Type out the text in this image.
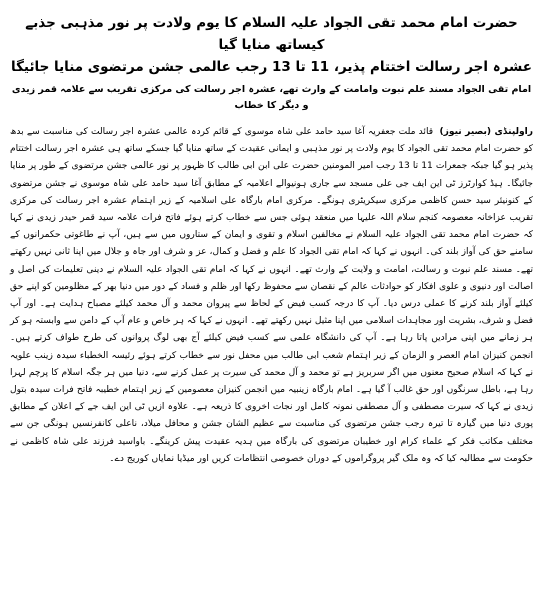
حضرت امام محمد تقی الجواد علیہ السلام کا یوم ولادت پر نور مذہبی جذبے کیساتھ منایا گیا
عشرہ اجر رسالت اختتام پذیر، 11 تا 13 رجب عالمی جشن مرتضوی منایا جائیگا
امام تقی الجواد مسند علم نبوت وامامت کے وارث تھے، عشرہ اجر رسالت کی مرکزی تقریب سے علامہ قمر زیدی و دیگر کا خطاب

راولپنڈی (بصیر نیوز)  قائد ملت جعفریہ آغا سید حامد علی شاہ موسوی کے قائم کردہ عالمی عشرہ اجر رسالت کی مناسبت سے بدھ کو حضرت امام محمد تقی الجواد کا یوم ولادت پر نور مذہبی و ایمانی عقیدت کے ساتھ منایا گیا جسکے ساتھ ہی عشرہ اجر رسالت اختتام پذیر ہو گیا جبکہ جمعرات 11 تا 13 رجب امیر المومنین حضرت علی ابن ابی طالب کا ظہور پر نور عالمی جشن مرتضوی کے طور پر منایا جائیگا۔ ہیڈ کوارٹرز ٹی این ایف جی علی مسجد سے جاری ہونیوالے اعلامیہ کے مطابق آغا سید حامد علی شاہ موسوی نے جشن مرتضوی کے کنونیئر سید حسن کاظمی مرکزی سیکریٹری ہونگے۔ مرکزی امام بارگاہ علی اسلامیہ کے زیر اہتمام عشرہ اجر رسالت کی مرکزی تقریب عزاخانہ معصومہ کنجم سلام اللہ علیہا میں منعقد ہوئی جس سے خطاب کرتے ہوئے فاتح فرات علامہ سید قمر حیدر زیدی نے کہا کہ حضرت امام محمد تقی الجواد علیہ السلام نے مخالفین اسلام و تقوی و ایمان کے ستاروں میں سے ہیں، آپ نے طاغوتی حکمرانوں کے سامنے حق کی آواز بلند کی۔ انہوں نے کہا کہ امام تقی الجواد کا علم و فضل و کمال، عز و شرف اور جاہ و جلال میں اپنا ثانی نہیں رکھتے تھے۔ مسند علم نبوت و رسالت، امامت و ولایت کے وارث تھے۔ انہوں نے کہا کہ امام تقی الجواد علیہ السلام نے دینی تعلیمات کی اصل و اصالت اور دنیوی و علوی افکار کو حوادثات عالم کے نقصان سے محفوظ رکھا اور ظلم و فساد کے دور میں دنیا بھر کے مظلومین کو اپنے حق کیلئے آواز بلند کرنے کا عملی درس دیا۔ آپ کا درجہ کسب فیض کے لحاظ سے پیروان محمد و آل محمد کیلئے مصباح ہدایت ہے۔ اور آپ فضل و شرف، بشریت اور مجاہدات اسلامی میں اپنا مثیل نہیں رکھتے تھے۔ انہوں نے کہا کہ ہر خاص و عام آپ کے دامن سے وابستہ ہو کر ہر زمانے میں اپنی مرادیں پاتا رہا ہے۔ آپ کی دانشگاہ علمی سے کسب فیض کیلئے آج بھی لوگ پروانوں کی طرح طواف کرتے ہیں۔ انجمن کنیزان امام العصر و الزمان کے زیر اہتمام شعب ابی طالب میں محفل نور سے خطاب کرتے ہوئے رئیسہ الخطباء سیدہ زینب علویہ نے کہا کہ اسلام صحیح معنوں میں اگر سربریز ہے تو محمد و آل محمد کی سیرت پر عمل کرنے سے، دنیا میں ہر جگہ اسلام کا پرچم لہرا رہا ہے، باطل سرنگوں اور حق غالب آ گیا ہے۔ امام بارگاہ زینبیہ میں انجمن کنیزان معصومین کے زیر اہتمام خطیبہ فاتح فرات سیدہ بتول زیدی نے کہا کہ سیرت مصطفی و آل مصطفی نمونہ کامل اور نجات اخروی کا ذریعہ ہے۔ علاوہ ازیں ٹی این ایف جے کے اعلان کے مطابق پوری دنیا میں گیارہ تا تیرہ رجب جشن مرتضوی کی مناسبت سے عظیم الشان جشن و محافل میلاد، ناعلی کانفرنسیں ہونگی جن سے مختلف مکاتب فکر کے علماء کرام اور خطیبان مرتضوی کی بارگاہ میں ہدیہ عقیدت پیش کرینگے۔ باواسید فرزند علی شاہ کاظمی نے حکومت سے مطالبہ کیا کہ وہ ملک گیر پروگراموں کے دوران خصوصی انتظامات کریں اور میڈیا نمایاں کوریج دے۔
